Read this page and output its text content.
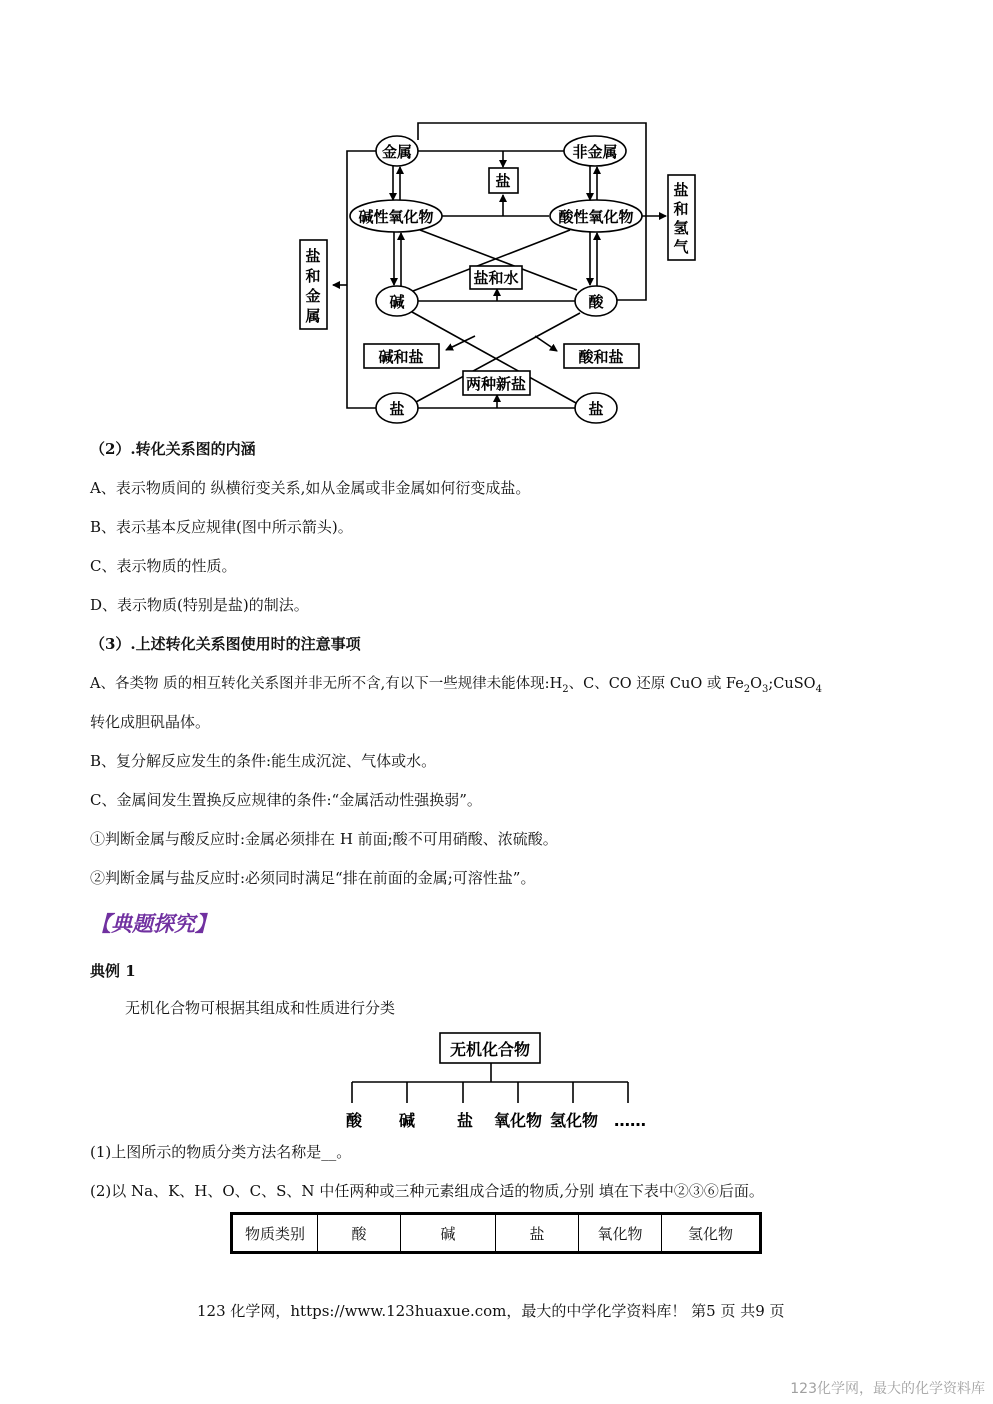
金属	非金属
碱性氧化物	酸性氧化物
碱	酸
盐	盐
盐
盐和水
碱和盐	酸和盐
两种新盐
盐
和
金
属
盐
和
氢
气
（2）.转化关系图的内涵
A、表示物质间的 纵横衍变关系,如从金属或非金属如何衍变成盐。
B、表示基本反应规律(图中所示箭头)。
C、表示物质的性质。
D、表示物质(特别是盐)的制法。
（3）.上述转化关系图使用时的注意事项
A、各类物 质的相互转化关系图并非无所不含,有以下一些规律未能体现$:H_2$、C、CO 还原 CuO 或 $Fe_2O_3;CuSO_4$
转化成胆矾晶体。
B、复分解反应发生的条件:能生成沉淀、气体或水。
C、金属间发生置换反应规律的条件:“金属活动性强换弱”。
①判断金属与酸反应时:金属必须排在 H 前面;酸不可用硝酸、浓硫酸。
②判断金属与盐反应时:必须同时满足“排在前面的金属;可溶性盐”。
【典题探究】
典例 1
无机化合物可根据其组成和性质进行分类
无机化合物
酸 碱	盐 氧化物 氢化物 ……
(1)上图所示的物质分类方法名称是__。
(2)以 Na、K、H、O、C、S、N 中任两种或三种元素组成合适的物质,分别 填在下表中②③⑥后面。
物质类别	酸	碱	盐	氧化物	氢化物
123 化学网，https://www.123huaxue.com，最大的中学化学资料库！ 第5 页 共9 页
123化学网，最大的化学资料库
